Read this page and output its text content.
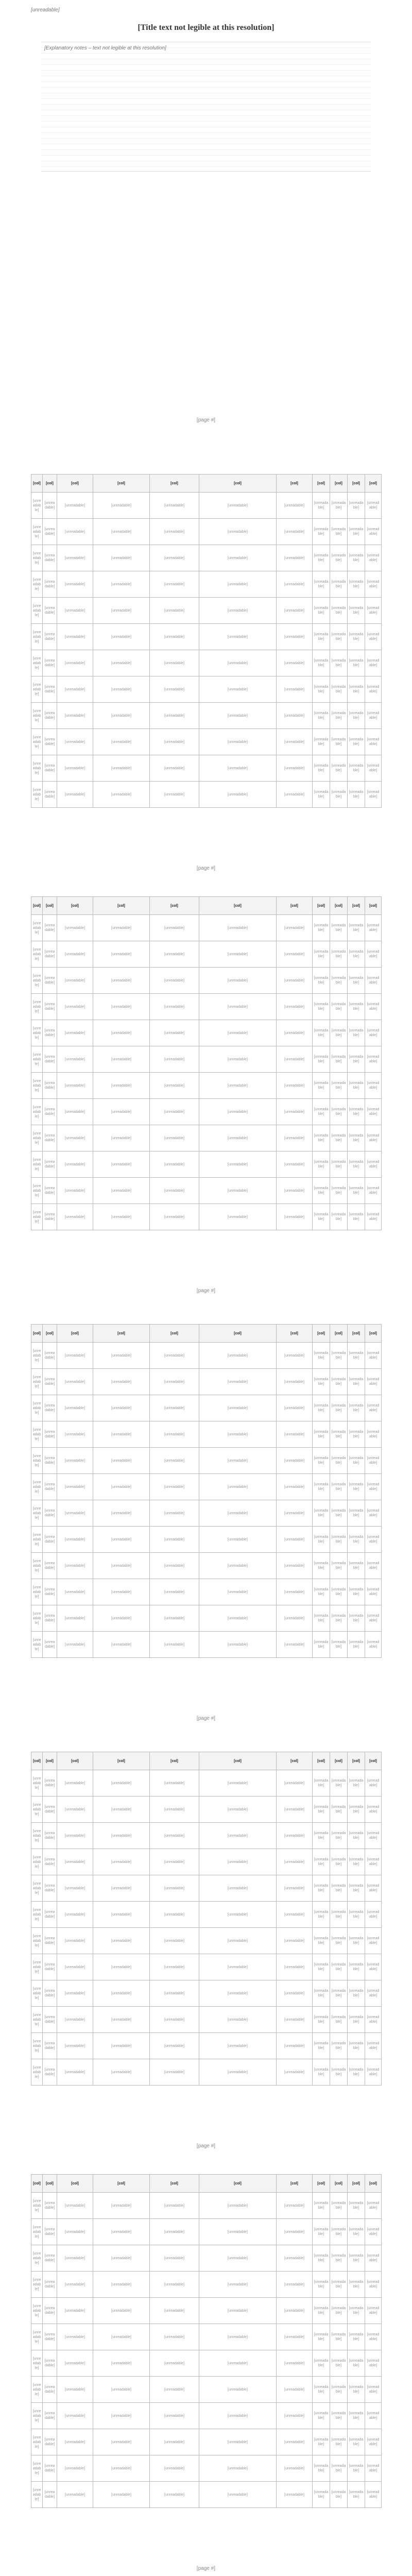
[unreadable]
[Title text not legible at this resolution]
[Explanatory notes – text not legible at this resolution]
[page #]
[col]	[col]	[col]	[col]	[col]	[col]	[col]	[col]	[col]	[col]	[col]
[unreadable]	[unreadable]	[unreadable]	[unreadable]	[unreadable]	[unreadable]	[unreadable]	[unreadable]	[unreadable]	[unreadable]	[unreadable]
[unreadable]	[unreadable]	[unreadable]	[unreadable]	[unreadable]	[unreadable]	[unreadable]	[unreadable]	[unreadable]	[unreadable]	[unreadable]
[unreadable]	[unreadable]	[unreadable]	[unreadable]	[unreadable]	[unreadable]	[unreadable]	[unreadable]	[unreadable]	[unreadable]	[unreadable]
[unreadable]	[unreadable]	[unreadable]	[unreadable]	[unreadable]	[unreadable]	[unreadable]	[unreadable]	[unreadable]	[unreadable]	[unreadable]
[unreadable]	[unreadable]	[unreadable]	[unreadable]	[unreadable]	[unreadable]	[unreadable]	[unreadable]	[unreadable]	[unreadable]	[unreadable]
[unreadable]	[unreadable]	[unreadable]	[unreadable]	[unreadable]	[unreadable]	[unreadable]	[unreadable]	[unreadable]	[unreadable]	[unreadable]
[unreadable]	[unreadable]	[unreadable]	[unreadable]	[unreadable]	[unreadable]	[unreadable]	[unreadable]	[unreadable]	[unreadable]	[unreadable]
[unreadable]	[unreadable]	[unreadable]	[unreadable]	[unreadable]	[unreadable]	[unreadable]	[unreadable]	[unreadable]	[unreadable]	[unreadable]
[unreadable]	[unreadable]	[unreadable]	[unreadable]	[unreadable]	[unreadable]	[unreadable]	[unreadable]	[unreadable]	[unreadable]	[unreadable]
[unreadable]	[unreadable]	[unreadable]	[unreadable]	[unreadable]	[unreadable]	[unreadable]	[unreadable]	[unreadable]	[unreadable]	[unreadable]
[unreadable]	[unreadable]	[unreadable]	[unreadable]	[unreadable]	[unreadable]	[unreadable]	[unreadable]	[unreadable]	[unreadable]	[unreadable]
[unreadable]	[unreadable]	[unreadable]	[unreadable]	[unreadable]	[unreadable]	[unreadable]	[unreadable]	[unreadable]	[unreadable]	[unreadable]
[page #]
[col]	[col]	[col]	[col]	[col]	[col]	[col]	[col]	[col]	[col]	[col]
[unreadable]	[unreadable]	[unreadable]	[unreadable]	[unreadable]	[unreadable]	[unreadable]	[unreadable]	[unreadable]	[unreadable]	[unreadable]
[unreadable]	[unreadable]	[unreadable]	[unreadable]	[unreadable]	[unreadable]	[unreadable]	[unreadable]	[unreadable]	[unreadable]	[unreadable]
[unreadable]	[unreadable]	[unreadable]	[unreadable]	[unreadable]	[unreadable]	[unreadable]	[unreadable]	[unreadable]	[unreadable]	[unreadable]
[unreadable]	[unreadable]	[unreadable]	[unreadable]	[unreadable]	[unreadable]	[unreadable]	[unreadable]	[unreadable]	[unreadable]	[unreadable]
[unreadable]	[unreadable]	[unreadable]	[unreadable]	[unreadable]	[unreadable]	[unreadable]	[unreadable]	[unreadable]	[unreadable]	[unreadable]
[unreadable]	[unreadable]	[unreadable]	[unreadable]	[unreadable]	[unreadable]	[unreadable]	[unreadable]	[unreadable]	[unreadable]	[unreadable]
[unreadable]	[unreadable]	[unreadable]	[unreadable]	[unreadable]	[unreadable]	[unreadable]	[unreadable]	[unreadable]	[unreadable]	[unreadable]
[unreadable]	[unreadable]	[unreadable]	[unreadable]	[unreadable]	[unreadable]	[unreadable]	[unreadable]	[unreadable]	[unreadable]	[unreadable]
[unreadable]	[unreadable]	[unreadable]	[unreadable]	[unreadable]	[unreadable]	[unreadable]	[unreadable]	[unreadable]	[unreadable]	[unreadable]
[unreadable]	[unreadable]	[unreadable]	[unreadable]	[unreadable]	[unreadable]	[unreadable]	[unreadable]	[unreadable]	[unreadable]	[unreadable]
[unreadable]	[unreadable]	[unreadable]	[unreadable]	[unreadable]	[unreadable]	[unreadable]	[unreadable]	[unreadable]	[unreadable]	[unreadable]
[unreadable]	[unreadable]	[unreadable]	[unreadable]	[unreadable]	[unreadable]	[unreadable]	[unreadable]	[unreadable]	[unreadable]	[unreadable]
[page #]
[col]	[col]	[col]	[col]	[col]	[col]	[col]	[col]	[col]	[col]	[col]
[unreadable]	[unreadable]	[unreadable]	[unreadable]	[unreadable]	[unreadable]	[unreadable]	[unreadable]	[unreadable]	[unreadable]	[unreadable]
[unreadable]	[unreadable]	[unreadable]	[unreadable]	[unreadable]	[unreadable]	[unreadable]	[unreadable]	[unreadable]	[unreadable]	[unreadable]
[unreadable]	[unreadable]	[unreadable]	[unreadable]	[unreadable]	[unreadable]	[unreadable]	[unreadable]	[unreadable]	[unreadable]	[unreadable]
[unreadable]	[unreadable]	[unreadable]	[unreadable]	[unreadable]	[unreadable]	[unreadable]	[unreadable]	[unreadable]	[unreadable]	[unreadable]
[unreadable]	[unreadable]	[unreadable]	[unreadable]	[unreadable]	[unreadable]	[unreadable]	[unreadable]	[unreadable]	[unreadable]	[unreadable]
[unreadable]	[unreadable]	[unreadable]	[unreadable]	[unreadable]	[unreadable]	[unreadable]	[unreadable]	[unreadable]	[unreadable]	[unreadable]
[unreadable]	[unreadable]	[unreadable]	[unreadable]	[unreadable]	[unreadable]	[unreadable]	[unreadable]	[unreadable]	[unreadable]	[unreadable]
[unreadable]	[unreadable]	[unreadable]	[unreadable]	[unreadable]	[unreadable]	[unreadable]	[unreadable]	[unreadable]	[unreadable]	[unreadable]
[unreadable]	[unreadable]	[unreadable]	[unreadable]	[unreadable]	[unreadable]	[unreadable]	[unreadable]	[unreadable]	[unreadable]	[unreadable]
[unreadable]	[unreadable]	[unreadable]	[unreadable]	[unreadable]	[unreadable]	[unreadable]	[unreadable]	[unreadable]	[unreadable]	[unreadable]
[unreadable]	[unreadable]	[unreadable]	[unreadable]	[unreadable]	[unreadable]	[unreadable]	[unreadable]	[unreadable]	[unreadable]	[unreadable]
[unreadable]	[unreadable]	[unreadable]	[unreadable]	[unreadable]	[unreadable]	[unreadable]	[unreadable]	[unreadable]	[unreadable]	[unreadable]
[page #]
[col]	[col]	[col]	[col]	[col]	[col]	[col]	[col]	[col]	[col]	[col]
[unreadable]	[unreadable]	[unreadable]	[unreadable]	[unreadable]	[unreadable]	[unreadable]	[unreadable]	[unreadable]	[unreadable]	[unreadable]
[unreadable]	[unreadable]	[unreadable]	[unreadable]	[unreadable]	[unreadable]	[unreadable]	[unreadable]	[unreadable]	[unreadable]	[unreadable]
[unreadable]	[unreadable]	[unreadable]	[unreadable]	[unreadable]	[unreadable]	[unreadable]	[unreadable]	[unreadable]	[unreadable]	[unreadable]
[unreadable]	[unreadable]	[unreadable]	[unreadable]	[unreadable]	[unreadable]	[unreadable]	[unreadable]	[unreadable]	[unreadable]	[unreadable]
[unreadable]	[unreadable]	[unreadable]	[unreadable]	[unreadable]	[unreadable]	[unreadable]	[unreadable]	[unreadable]	[unreadable]	[unreadable]
[unreadable]	[unreadable]	[unreadable]	[unreadable]	[unreadable]	[unreadable]	[unreadable]	[unreadable]	[unreadable]	[unreadable]	[unreadable]
[unreadable]	[unreadable]	[unreadable]	[unreadable]	[unreadable]	[unreadable]	[unreadable]	[unreadable]	[unreadable]	[unreadable]	[unreadable]
[unreadable]	[unreadable]	[unreadable]	[unreadable]	[unreadable]	[unreadable]	[unreadable]	[unreadable]	[unreadable]	[unreadable]	[unreadable]
[unreadable]	[unreadable]	[unreadable]	[unreadable]	[unreadable]	[unreadable]	[unreadable]	[unreadable]	[unreadable]	[unreadable]	[unreadable]
[unreadable]	[unreadable]	[unreadable]	[unreadable]	[unreadable]	[unreadable]	[unreadable]	[unreadable]	[unreadable]	[unreadable]	[unreadable]
[unreadable]	[unreadable]	[unreadable]	[unreadable]	[unreadable]	[unreadable]	[unreadable]	[unreadable]	[unreadable]	[unreadable]	[unreadable]
[unreadable]	[unreadable]	[unreadable]	[unreadable]	[unreadable]	[unreadable]	[unreadable]	[unreadable]	[unreadable]	[unreadable]	[unreadable]
[page #]
[col]	[col]	[col]	[col]	[col]	[col]	[col]	[col]	[col]	[col]	[col]
[unreadable]	[unreadable]	[unreadable]	[unreadable]	[unreadable]	[unreadable]	[unreadable]	[unreadable]	[unreadable]	[unreadable]	[unreadable]
[unreadable]	[unreadable]	[unreadable]	[unreadable]	[unreadable]	[unreadable]	[unreadable]	[unreadable]	[unreadable]	[unreadable]	[unreadable]
[unreadable]	[unreadable]	[unreadable]	[unreadable]	[unreadable]	[unreadable]	[unreadable]	[unreadable]	[unreadable]	[unreadable]	[unreadable]
[unreadable]	[unreadable]	[unreadable]	[unreadable]	[unreadable]	[unreadable]	[unreadable]	[unreadable]	[unreadable]	[unreadable]	[unreadable]
[unreadable]	[unreadable]	[unreadable]	[unreadable]	[unreadable]	[unreadable]	[unreadable]	[unreadable]	[unreadable]	[unreadable]	[unreadable]
[unreadable]	[unreadable]	[unreadable]	[unreadable]	[unreadable]	[unreadable]	[unreadable]	[unreadable]	[unreadable]	[unreadable]	[unreadable]
[unreadable]	[unreadable]	[unreadable]	[unreadable]	[unreadable]	[unreadable]	[unreadable]	[unreadable]	[unreadable]	[unreadable]	[unreadable]
[unreadable]	[unreadable]	[unreadable]	[unreadable]	[unreadable]	[unreadable]	[unreadable]	[unreadable]	[unreadable]	[unreadable]	[unreadable]
[unreadable]	[unreadable]	[unreadable]	[unreadable]	[unreadable]	[unreadable]	[unreadable]	[unreadable]	[unreadable]	[unreadable]	[unreadable]
[unreadable]	[unreadable]	[unreadable]	[unreadable]	[unreadable]	[unreadable]	[unreadable]	[unreadable]	[unreadable]	[unreadable]	[unreadable]
[unreadable]	[unreadable]	[unreadable]	[unreadable]	[unreadable]	[unreadable]	[unreadable]	[unreadable]	[unreadable]	[unreadable]	[unreadable]
[unreadable]	[unreadable]	[unreadable]	[unreadable]	[unreadable]	[unreadable]	[unreadable]	[unreadable]	[unreadable]	[unreadable]	[unreadable]
[page #]
